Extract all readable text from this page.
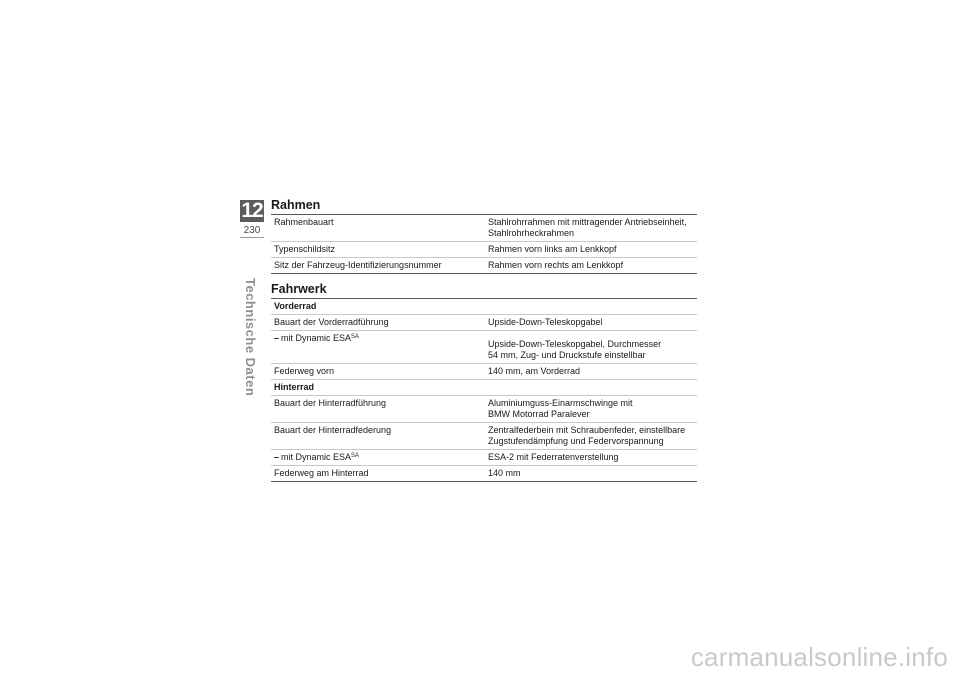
12
230
Technische Daten
Rahmen
Rahmenbauart	Stahlrohrrahmen mit mittragender Antriebseinheit,
Stahlrohrheckrahmen
Typenschildsitz	Rahmen vorn links am Lenkkopf
Sitz der Fahrzeug-Identifizierungsnummer	Rahmen vorn rechts am Lenkkopf
Fahrwerk
Vorderrad	
Bauart der Vorderradführung	Upside-Down-Teleskopgabel
– mit Dynamic $ESA^{SA}$	Upside-Down-Teleskopgabel, Durchmesser
54 mm, Zug- und Druckstufe einstellbar
Federweg vorn	140 mm, am Vorderrad
Hinterrad	
Bauart der Hinterradführung	Aluminiumguss-Einarmschwinge mit
BMW Motorrad Paralever
Bauart der Hinterradfederung	Zentralfederbein mit Schraubenfeder, einstellbare
Zugstufendämpfung und Federvorspannung
– mit Dynamic $ESA^{SA}$	ESA-2 mit Federratenverstellung
Federweg am Hinterrad	140 mm
carmanualsonline.info
